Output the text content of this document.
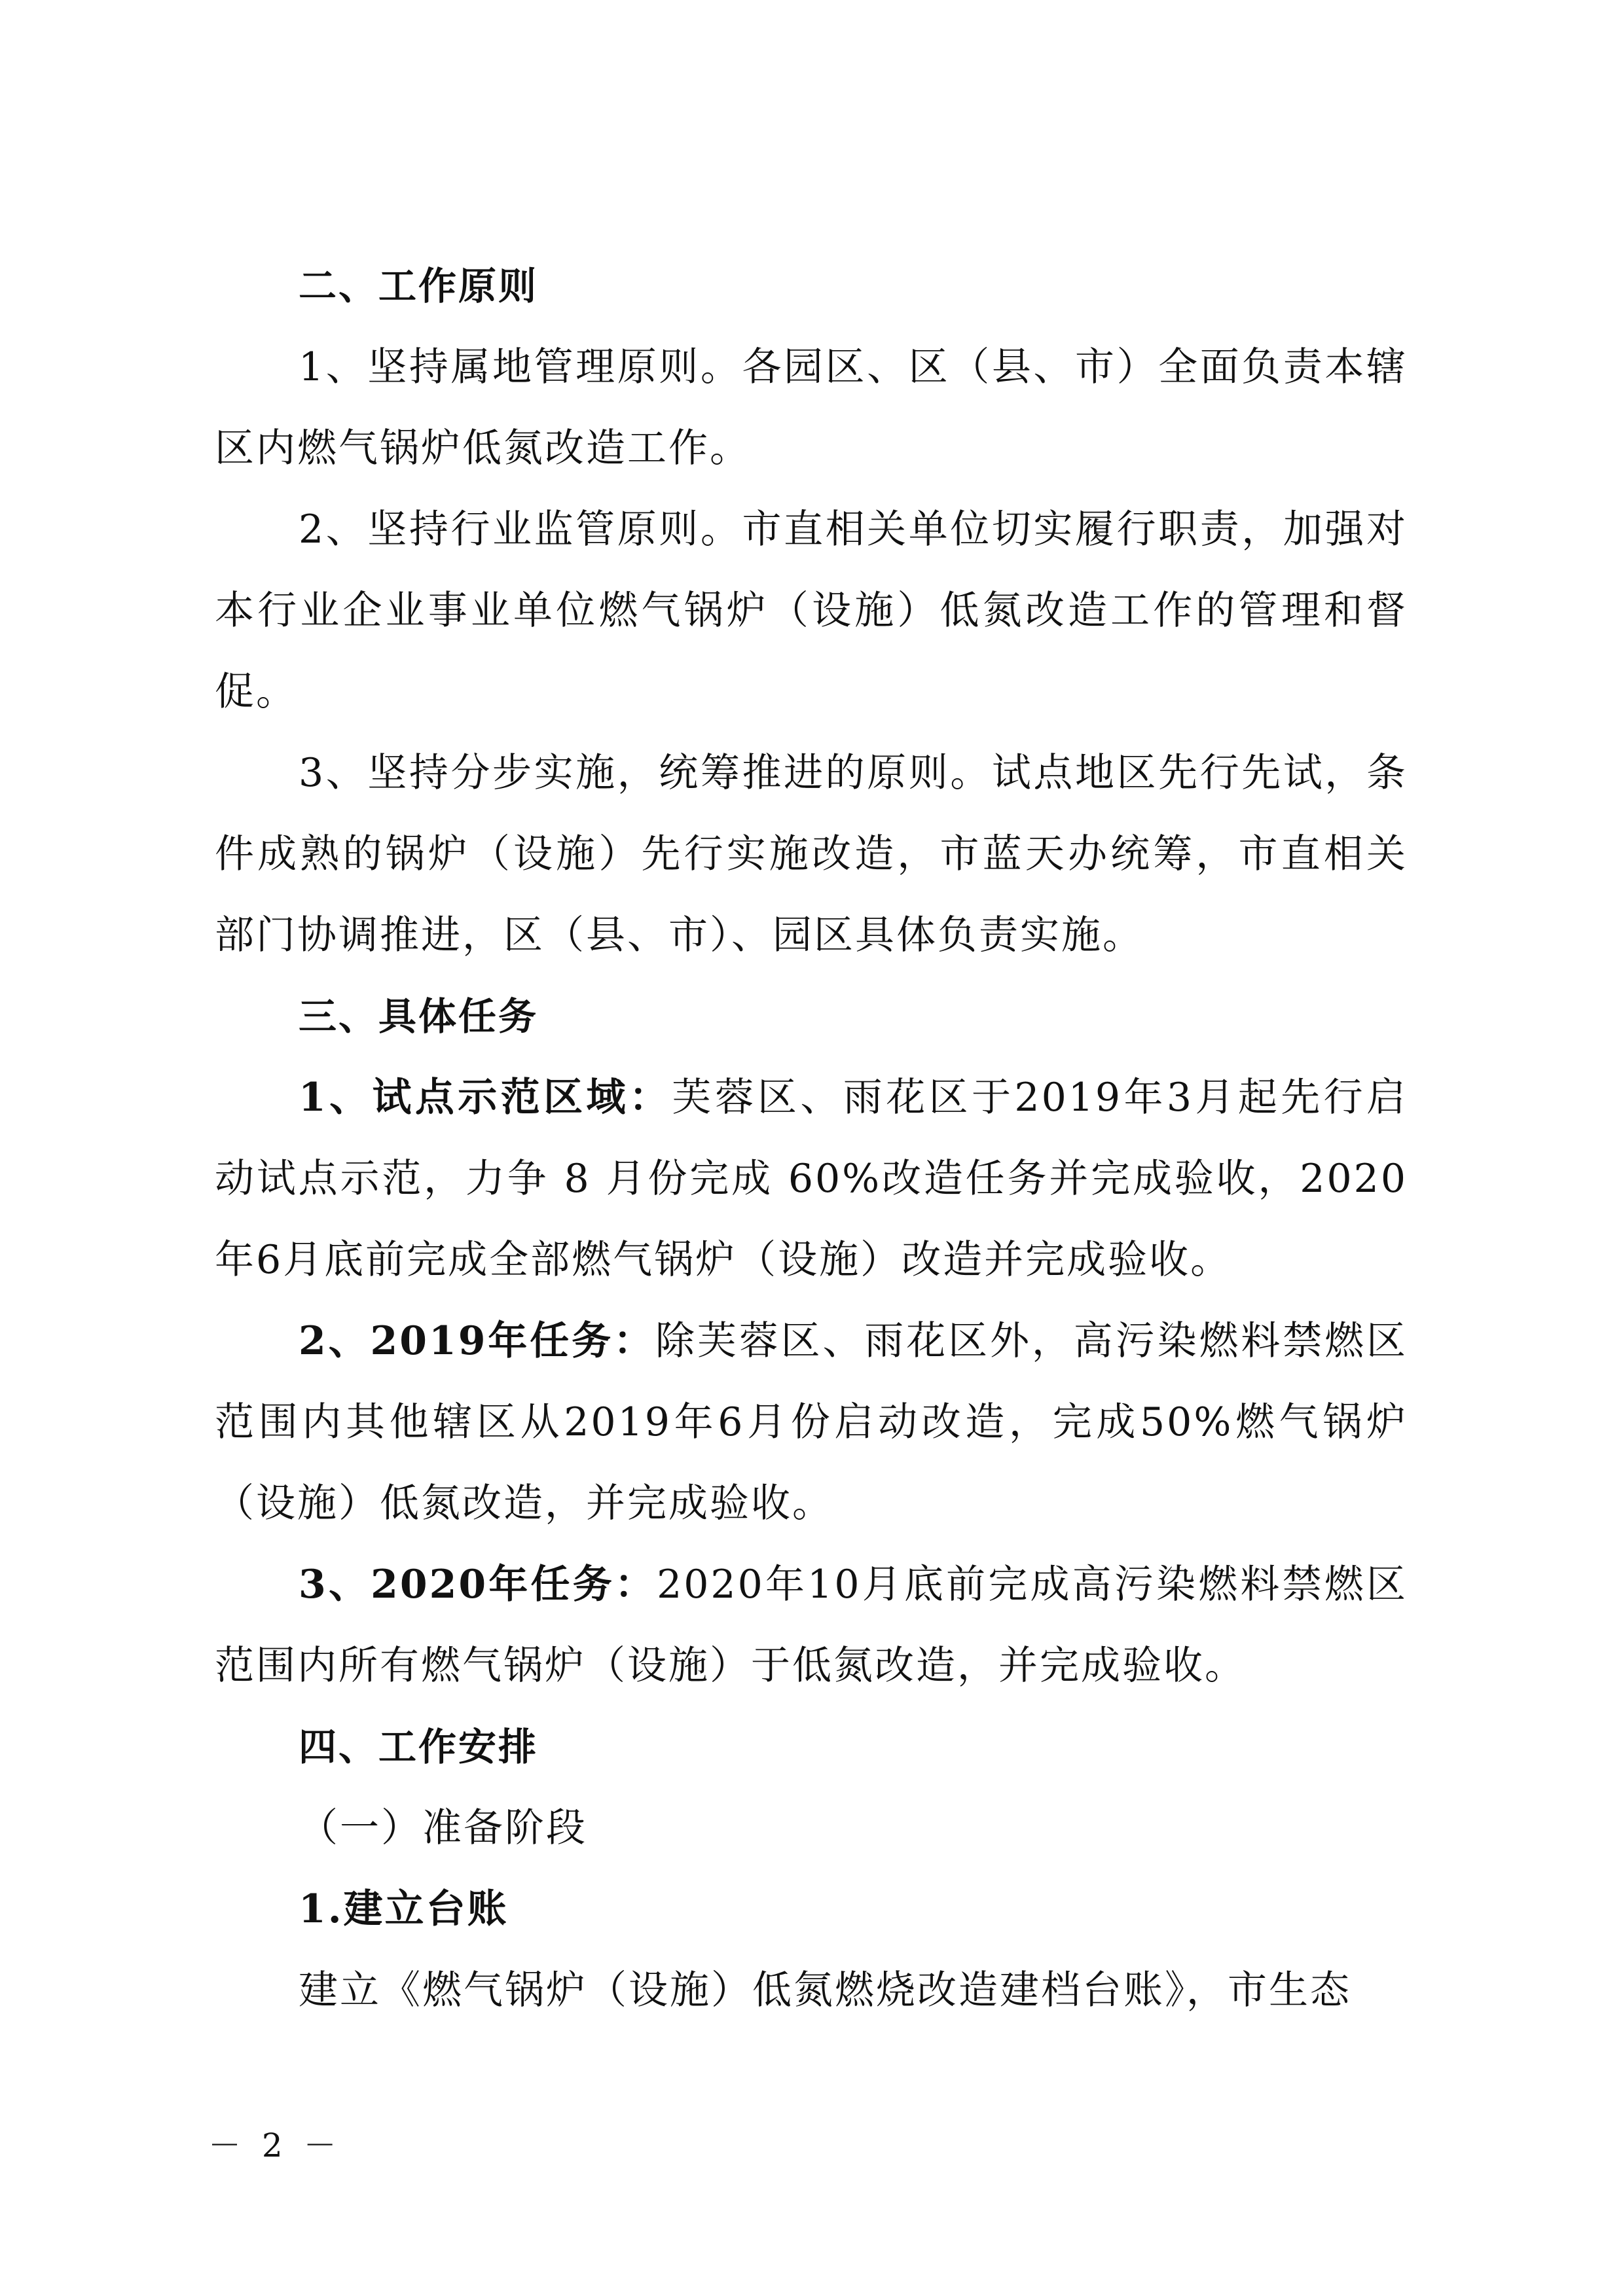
二、工作原则

1、坚持属地管理原则。各园区、区（县、市）全面负责本辖区内燃气锅炉低氮改造工作。

2、坚持行业监管原则。市直相关单位切实履行职责，加强对本行业企业事业单位燃气锅炉（设施）低氮改造工作的管理和督促。

3、坚持分步实施，统筹推进的原则。试点地区先行先试，条件成熟的锅炉（设施）先行实施改造，市蓝天办统筹，市直相关部门协调推进，区（县、市）、园区具体负责实施。

三、具体任务

1、试点示范区域：芙蓉区、雨花区于2019年3月起先行启动试点示范，力争 8 月份完成 60%改造任务并完成验收，2020年6月底前完成全部燃气锅炉（设施）改造并完成验收。

2、2019年任务：除芙蓉区、雨花区外，高污染燃料禁燃区范围内其他辖区从2019年6月份启动改造，完成50%燃气锅炉（设施）低氮改造，并完成验收。

3、2020年任务：2020年10月底前完成高污染燃料禁燃区范围内所有燃气锅炉（设施）于低氮改造，并完成验收。

四、工作安排

（一）准备阶段

1.建立台账

建立《燃气锅炉（设施）低氮燃烧改造建档台账》，市生态

－ 2 －
